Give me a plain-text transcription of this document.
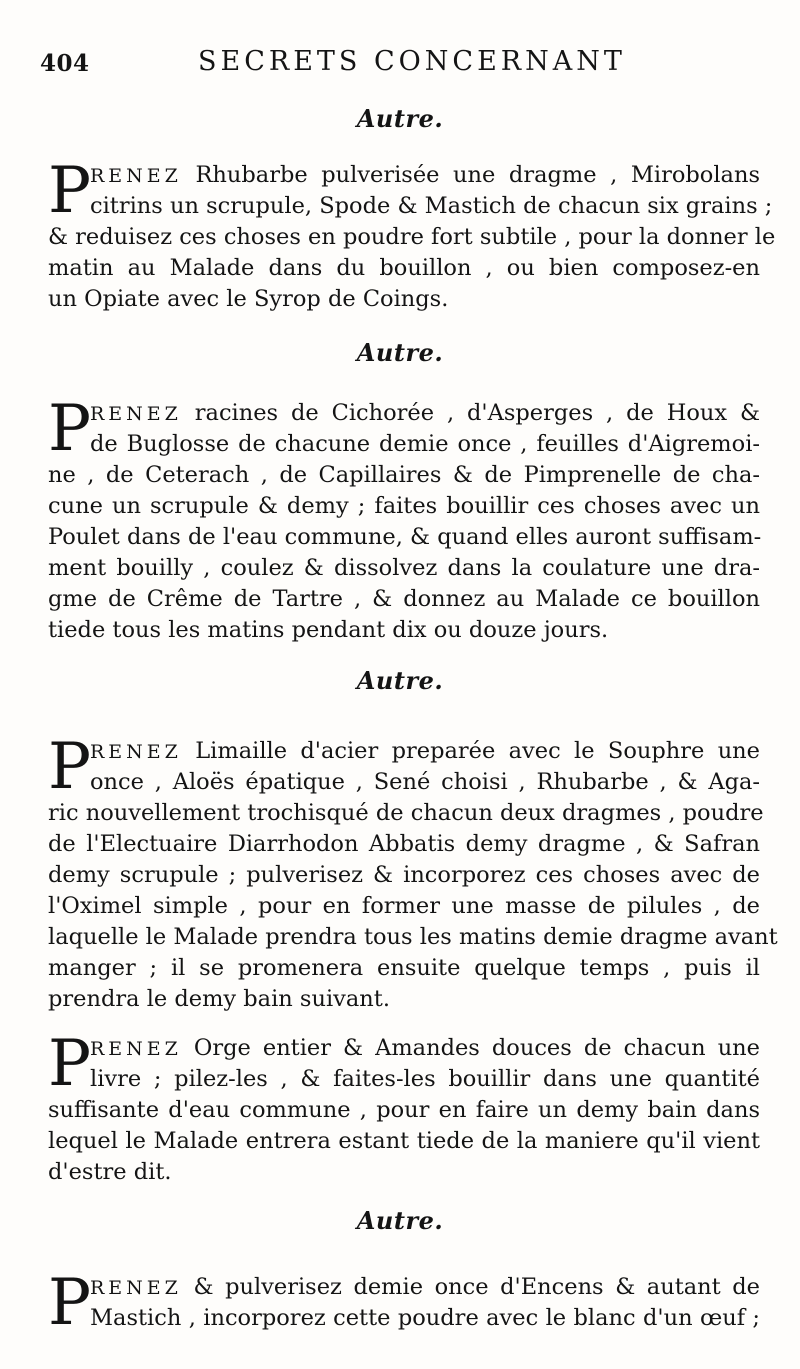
404	SECRETS CONCERNANT
Autre.
P
RENEZ Rhubarbe pulverisée une dragme , Mirobolans
citrins un scrupule, Spode & Mastich de chacun six grains ;
& reduisez ces choses en poudre fort subtile , pour la donner le
matin au Malade dans du bouillon , ou bien composez-en
un Opiate avec le Syrop de Coings.
Autre.
P
RENEZ racines de Cichorée , d'Asperges , de Houx &
de Buglosse de chacune demie once , feuilles d'Aigremoi-
ne , de Ceterach , de Capillaires & de Pimprenelle de cha-
cune un scrupule & demy ; faites bouillir ces choses avec un
Poulet dans de l'eau commune, & quand elles auront suffisam-
ment bouilly , coulez & dissolvez dans la coulature une dra-
gme de Crême de Tartre , & donnez au Malade ce bouillon
tiede tous les matins pendant dix ou douze jours.
Autre.
P
RENEZ Limaille d'acier preparée avec le Souphre une
once , Aloës épatique , Sené choisi , Rhubarbe , & Aga-
ric nouvellement trochisqué de chacun deux dragmes , poudre
de l'Electuaire Diarrhodon Abbatis demy dragme , & Safran
demy scrupule ; pulverisez & incorporez ces choses avec de
l'Oximel simple , pour en former une masse de pilules , de
laquelle le Malade prendra tous les matins demie dragme avant
manger ; il se promenera ensuite quelque temps , puis il
prendra le demy bain suivant.
P
RENEZ Orge entier & Amandes douces de chacun une
livre ; pilez-les , & faites-les bouillir dans une quantité
suffisante d'eau commune , pour en faire un demy bain dans
lequel le Malade entrera estant tiede de la maniere qu'il vient
d'estre dit.
Autre.
P
RENEZ & pulverisez demie once d'Encens & autant de
Mastich , incorporez cette poudre avec le blanc d'un œuf ;
